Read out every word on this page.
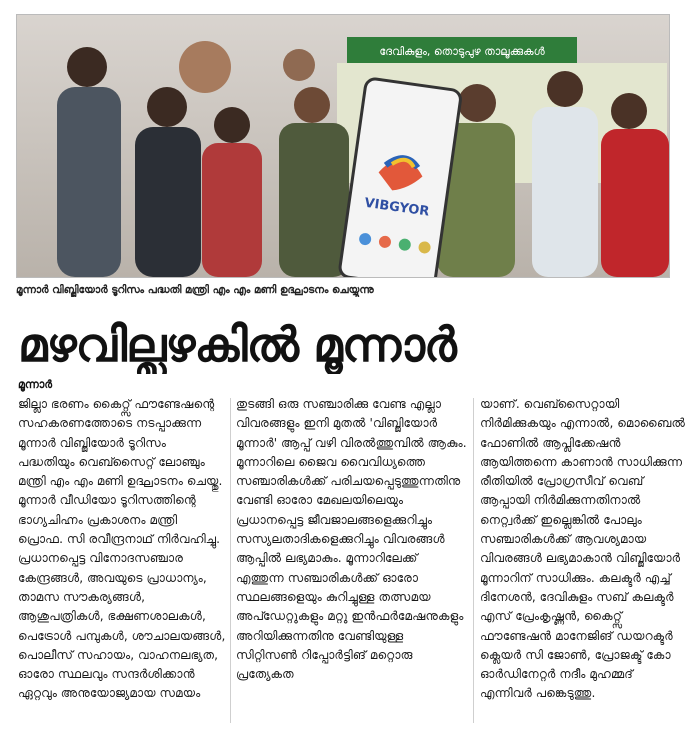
ദേവികുളം, തൊടുപുഴ താലൂക്കുകൾ
VIBGYOR
മൂന്നാർ വിബ്ജിയോർ ടൂറിസം പദ്ധതി മന്ത്രി എം എം മണി ഉദ്ഘാടനം ചെയ്യുന്നു
മഴവില്ലഴകിൽ മൂന്നാർ
മൂന്നാർ

ജില്ലാ ഭരണം കൈറ്റ്സ് ഫൗണ്ടേഷന്റെ സഹകരണത്തോടെ നടപ്പാക്കുന്ന മൂന്നാർ വിബ്ജിയോർ ടൂറിസം പദ്ധതിയും വെബ്സൈറ്റ് ലോഞ്ചും മന്ത്രി എം എം മണി ഉദ്ഘാടനം ചെയ്തു. മൂന്നാർ വീഡിയോ ടൂറിസത്തിന്റെ ഭാഗ്യചിഹ്നം പ്രകാശനം മന്ത്രി പ്രൊഫ. സി രവീന്ദ്രനാഥ് നിർവഹിച്ചു. പ്രധാനപ്പെട്ട വിനോദസഞ്ചാര കേന്ദ്രങ്ങൾ, അവയുടെ പ്രാധാന്യം, താമസ സൗകര്യങ്ങൾ, ആശുപത്രികൾ, ഭക്ഷണശാലകൾ, പെട്രോൾ പമ്പുകൾ, ശൗചാലയങ്ങൾ, പൊലീസ് സഹായം, വാഹനലഭ്യത, ഓരോ സ്ഥലവും സന്ദർശിക്കാൻ ഏറ്റവും അനുയോജ്യമായ സമയം

തുടങ്ങി ഒരു സഞ്ചാരിക്കു വേണ്ട എല്ലാ വിവരങ്ങളും ഇനി മുതൽ 'വിബ്ജിയോർ മൂന്നാർ' ആപ്പ് വഴി വിരൽത്തുമ്പിൽ ആകും. മൂന്നാറിലെ ജൈവ വൈവിധ്യത്തെ സഞ്ചാരികൾക്ക് പരിചയപ്പെടുത്തുന്നതിനു വേണ്ടി ഓരോ മേഖലയിലെയും പ്രധാനപ്പെട്ട ജീവജാലങ്ങളെക്കുറിച്ചും സസ്യലതാദികളെക്കുറിച്ചും വിവരങ്ങൾ ആപ്പിൽ ലഭ്യമാകും. മൂന്നാറിലേക്ക് എത്തുന്ന സഞ്ചാരികൾക്ക് ഓരോ സ്ഥലങ്ങളെയും കുറിച്ചുള്ള തത്സമയ അപ്ഡേറ്റുകളും മറ്റു ഇൻഫർമേഷനുകളും അറിയിക്കുന്നതിനു വേണ്ടിയുള്ള സിറ്റിസൺ റിപ്പോർട്ടിങ് മറ്റൊരു പ്രത്യേകത

യാണ്. വെബ്സൈറ്റായി നിർമിക്കുകയും എന്നാൽ, മൊബൈൽ ഫോണിൽ ആപ്ലിക്കേഷൻ ആയിത്തന്നെ കാണാൻ സാധിക്കുന്ന രീതിയിൽ പ്രോഗ്രസീവ് വെബ് ആപ്പായി നിർമിക്കുന്നതിനാൽ നെറ്റ്വർക്ക് ഇല്ലെങ്കിൽ പോലും സഞ്ചാരികൾക്ക് ആവശ്യമായ വിവരങ്ങൾ ലഭ്യമാകാൻ വിബ്ജിയോർ മൂന്നാറിന് സാധിക്കും. കലക്ടർ എച്ച് ദിനേശൻ, ദേവികുളം സബ് കലക്ടർ എസ് പ്രേംകൃഷ്ണൻ, കൈറ്റ്സ് ഫൗണ്ടേഷൻ മാനേജിങ് ഡയറക്ടർ ക്ലെയർ സി ജോൺ, പ്രോജക്ട് കോ ഓർഡിനേറ്റർ നദീം മുഹമ്മദ് എന്നിവർ പങ്കെടുത്തു.
